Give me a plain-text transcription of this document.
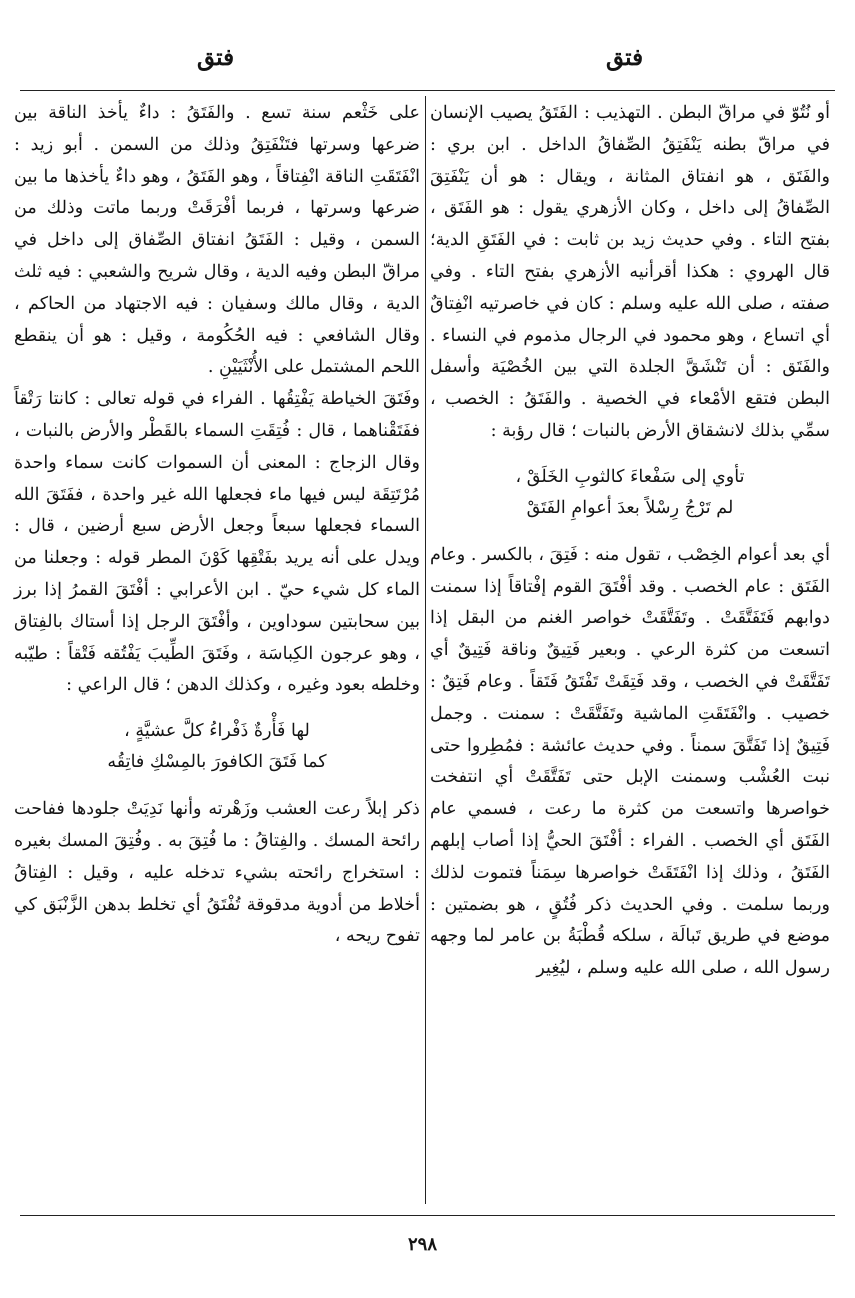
فتق
فتق

أو نُتُوّ في مراقّ البطن . التهذيب : الفَتَقُ يصيب الإنسان في مراقّ بطنه يَنْفَتِقُ الصِّفاقُ الداخل . ابن بري : والفَتَق ، هو انفتاق المثانة ، ويقال : هو أن يَنْفَتِقَ الصِّفاقُ إلى داخل ، وكان الأزهري يقول : هو الفَتَق ، بفتح التاء . وفي حديث زيد بن ثابت : في الفَتَقِ الدية؛ قال الهروي : هكذا أقرأنيه الأزهري بفتح التاء . وفي صفته ، صلى الله عليه وسلم : كان في خاصرتيه انْفِتاقٌ أي اتساع ، وهو محمود في الرجال مذموم في النساء . والفَتَق : أن تَنْشَقَّ الجلدة التي بين الخُصْيَة وأسفل البطن فتقع الأمْعاء في الخصية . والفَتَقُ : الخصب ، سمِّي بذلك لانشقاق الأرض بالنبات ؛ قال رؤبة :

تأوي إلى سَفْعاءَ كالثوبِ الخَلَقْ ،
لم تَرْجُ رِسْلاً بعدَ أعوامِ الفَتَقْ

أي بعد أعوام الخِصْب ، تقول منه : فَتِقَ ، بالكسر . وعام الفَتَق : عام الخصب . وقد أفْتَقَ القوم إفْتاقاً إذا سمنت دوابهم فَتَفَتَّقَتْ . وتَفَتَّقَتْ خواصر الغنم من البقل إذا اتسعت من كثرة الرعي . وبعير فَتِيقٌ وناقة فَتِيقٌ أي تَفَتَّقَتْ في الخصب ، وقد فَتِقَتْ تَفْتَقُ فَتَقاً . وعام فَتِقٌ : خصيب . وانْفَتَقَتِ الماشية وتَفَتَّقَتْ : سمنت . وجمل فَتِيقٌ إذا تَفَتَّقَ سمناً . وفي حديث عائشة : فمُطِروا حتى نبت العُشْب وسمنت الإبل حتى تَفَتَّقَتْ أي انتفخت خواصرها واتسعت من كثرة ما رعت ، فسمي عام الفَتَق أي الخصب . الفراء : أفْتَقَ الحيُّ إذا أصاب إبلهم الفَتَقُ ، وذلك إذا انْفَتَقَتْ خواصرها سِمَناً فتموت لذلك وربما سلمت . وفي الحديث ذكر فُتُقٍ ، هو بضمتين : موضع في طريق تَبالَة ، سلكه قُطْبَةُ بن عامر لما وجهه رسول الله ، صلى الله عليه وسلم ، ليُغِير

على خَثْعم سنة تسع . والفَتَقُ : داءٌ يأخذ الناقة بين ضرعها وسرتها فتَنْفَتِقُ وذلك من السمن . أبو زيد : انْفَتَقَتِ الناقة انْفِتاقاً ، وهو الفَتَقُ ، وهو داءٌ يأخذها ما بين ضرعها وسرتها ، فربما أفْرَقَتْ وربما ماتت وذلك من السمن ، وقيل : الفَتَقُ انفتاق الصِّفاق إلى داخل في مراقّ البطن وفيه الدية ، وقال شريح والشعبي : فيه ثلث الدية ، وقال مالك وسفيان : فيه الاجتهاد من الحاكم ، وقال الشافعي : فيه الحُكُومة ، وقيل : هو أن ينقطع اللحم المشتمل على الأُنْثَيَيْنِ .

وفَتَقَ الخياطة يَفْتِقُها . الفراء في قوله تعالى : كانتا رَتْقاً ففَتَقْناهما ، قال : فُتِقَتِ السماء بالقَطْر والأرض بالنبات ، وقال الزجاج : المعنى أن السموات كانت سماء واحدة مُرْتَتِقَة ليس فيها ماء فجعلها الله غير واحدة ، ففَتَقَ الله السماء فجعلها سبعاً وجعل الأرض سبع أرضين ، قال : ويدل على أنه يريد بفَتْقِها كَوْنَ المطر قوله : وجعلنا من الماء كل شيء حيّ . ابن الأعرابي : أفْتَقَ القمرُ إذا برز بين سحابتين سوداوين ، وأفْتَقَ الرجل إذا أستاك بالفِتاق ، وهو عرجون الكِباسَة ، وفَتَقَ الطِّيبَ يَفْتُقه فَتْقاً : طيّبه وخلطه بعود وغيره ، وكذلك الدهن ؛ قال الراعي :

لها فَأْرةٌ ذَفْراءُ كلَّ عشيَّةٍ ،
كما فَتَقَ الكافورَ بالمِسْكِ فاتِقُه

ذكر إبلاً رعت العشب وزَهْرته وأنها نَدِيَتْ جلودها ففاحت رائحة المسك . والفِتاقُ : ما فُتِقَ به . وفُتِقَ المسك بغيره : استخراج رائحته بشيء تدخله عليه ، وقيل : الفِتاقُ أخلاط من أدوية مدقوقة تُفْتَقُ أي تخلط بدهن الزَّنْبَق كي تفوح ريحه ،

٢٩٨
